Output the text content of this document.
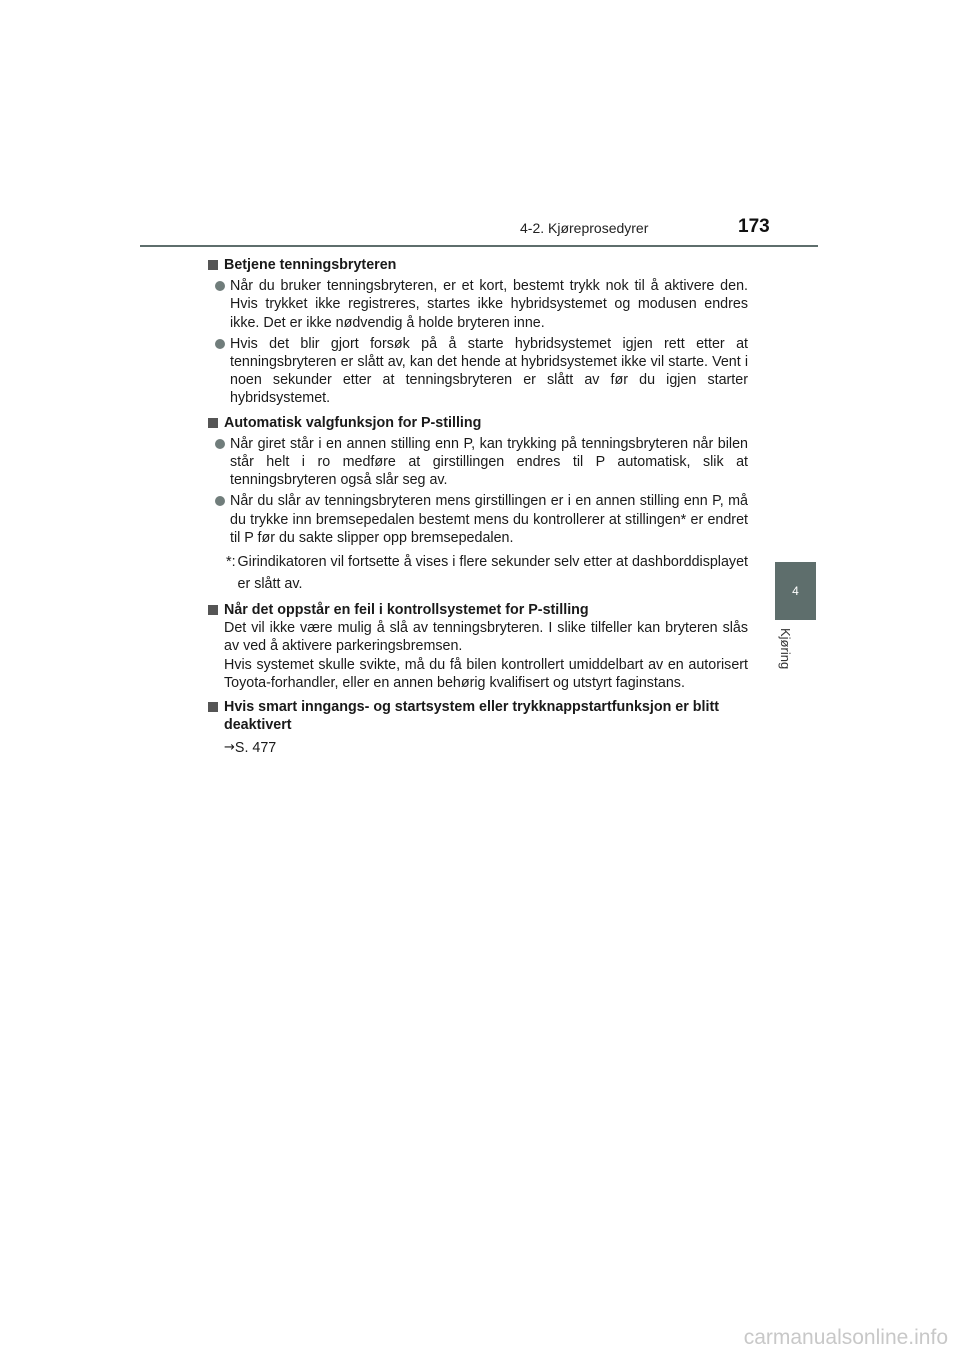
4-2. Kjøreprosedyrer	173
4
Kjøring
Betjene tenningsbryteren
Når du bruker tenningsbryteren, er et kort, bestemt trykk nok til å aktivere den. Hvis trykket ikke registreres, startes ikke hybridsystemet og modusen endres ikke. Det er ikke nødvendig å holde bryteren inne.
Hvis det blir gjort forsøk på å starte hybridsystemet igjen rett etter at tenningsbryteren er slått av, kan det hende at hybridsystemet ikke vil starte. Vent i noen sekunder etter at tenningsbryteren er slått av før du igjen starter hybridsystemet.
Automatisk valgfunksjon for P-stilling
Når giret står i en annen stilling enn P, kan trykking på tenningsbryteren når bilen står helt i ro medføre at girstillingen endres til P automatisk, slik at tenningsbryteren også slår seg av.
Når du slår av tenningsbryteren mens girstillingen er i en annen stilling enn P, må du trykke inn bremsepedalen bestemt mens du kontrollerer at stillingen* er endret til P før du sakte slipper opp bremsepedalen.
*: Girindikatoren vil fortsette å vises i flere sekunder selv etter at dashborddisplayet er slått av.
Når det oppstår en feil i kontrollsystemet for P-stilling
Det vil ikke være mulig å slå av tenningsbryteren. I slike tilfeller kan bryteren slås av ved å aktivere parkeringsbremsen.
Hvis systemet skulle svikte, må du få bilen kontrollert umiddelbart av en autorisert Toyota-forhandler, eller en annen behørig kvalifisert og utstyrt faginstans.
Hvis smart inngangs- og startsystem eller trykknappstartfunksjon er blitt deaktivert
→ S. 477
carmanualsonline.info
